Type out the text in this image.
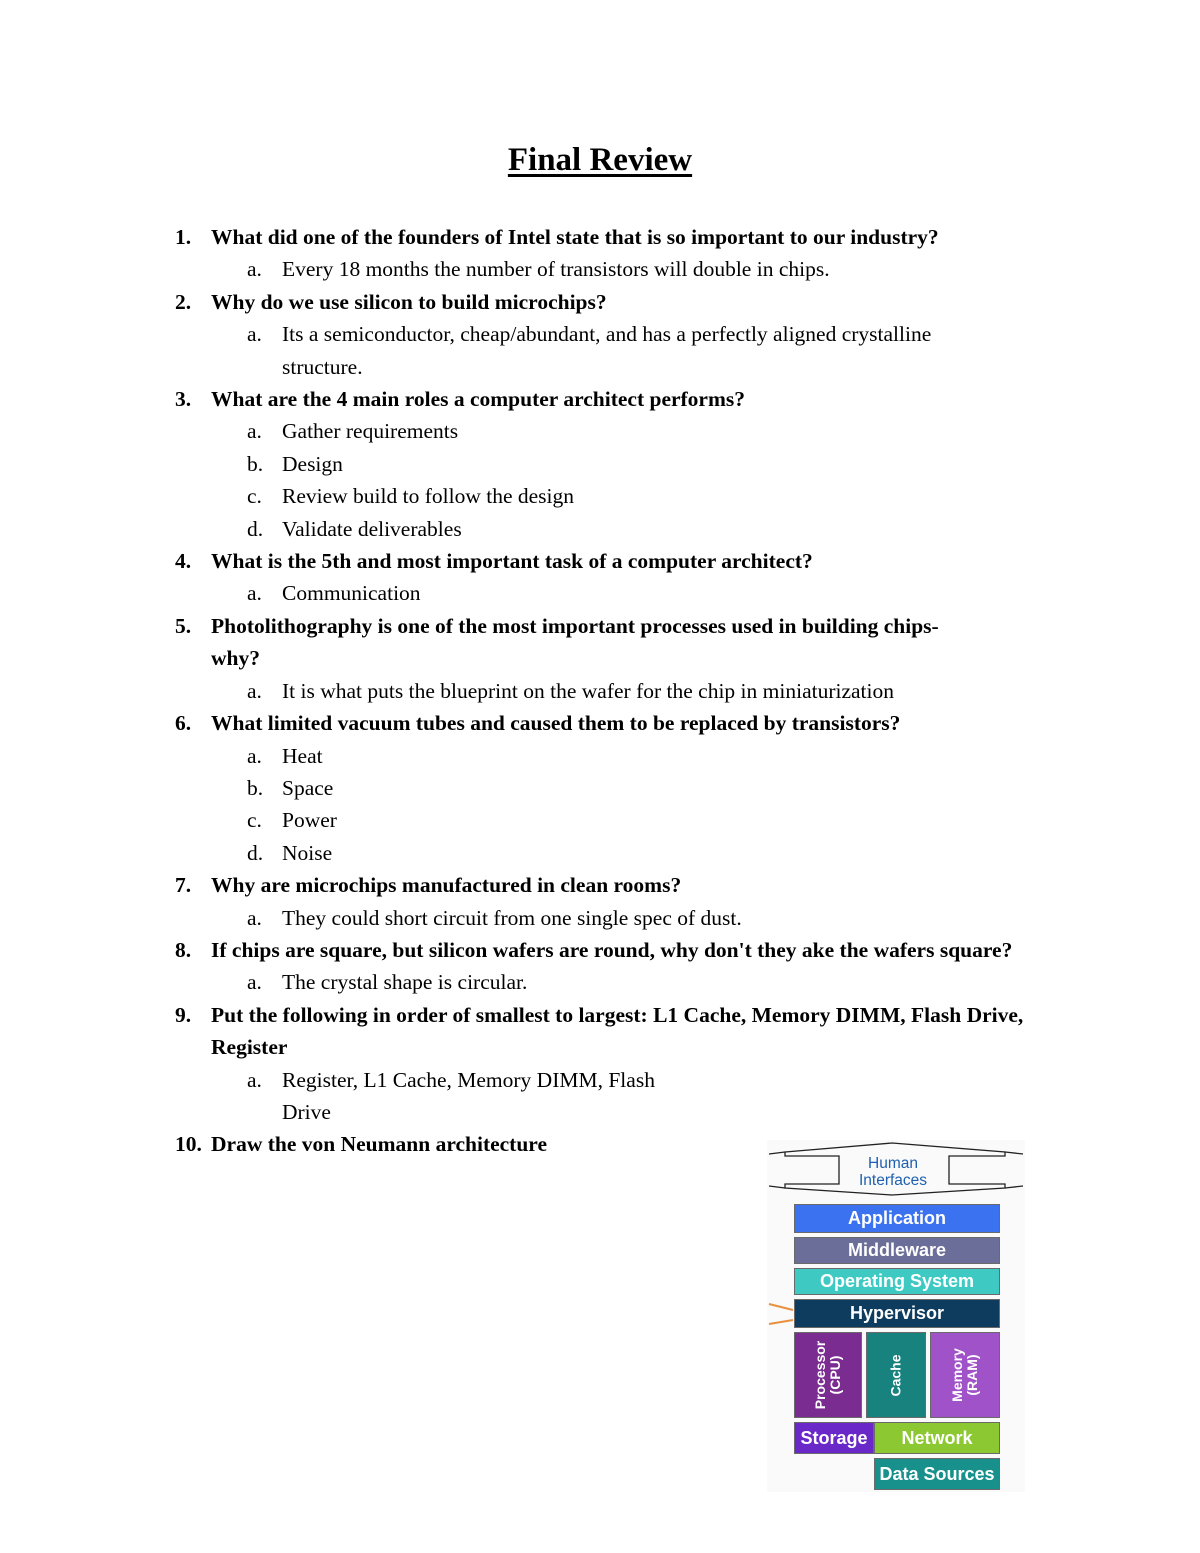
Final Review
1. What did one of the founders of Intel state that is so important to our industry?
a. Every 18 months the number of transistors will double in chips.
2. Why do we use silicon to build microchips?
a. Its a semiconductor, cheap/abundant, and has a perfectly aligned crystalline structure.
3. What are the 4 main roles a computer architect performs?
a. Gather requirements
b. Design
c. Review build to follow the design
d. Validate deliverables
4. What is the 5th and most important task of a computer architect?
a. Communication
5. Photolithography is one of the most important processes used in building chips-why?
a. It is what puts the blueprint on the wafer for the chip in miniaturization
6. What limited vacuum tubes and caused them to be replaced by transistors?
a. Heat
b. Space
c. Power
d. Noise
7. Why are microchips manufactured in clean rooms?
a. They could short circuit from one single spec of dust.
8. If chips are square, but silicon wafers are round, why don't they ake the wafers square?
a. The crystal shape is circular.
9. Put the following in order of smallest to largest: L1 Cache, Memory DIMM, Flash Drive, Register
a. Register, L1 Cache, Memory DIMM, Flash Drive
10. Draw the von Neumann architecture
Human Interfaces
Application
Middleware
Operating System
Hypervisor
Processor (CPU)	Cache	Memory (RAM)
Storage	Network
Data Sources
